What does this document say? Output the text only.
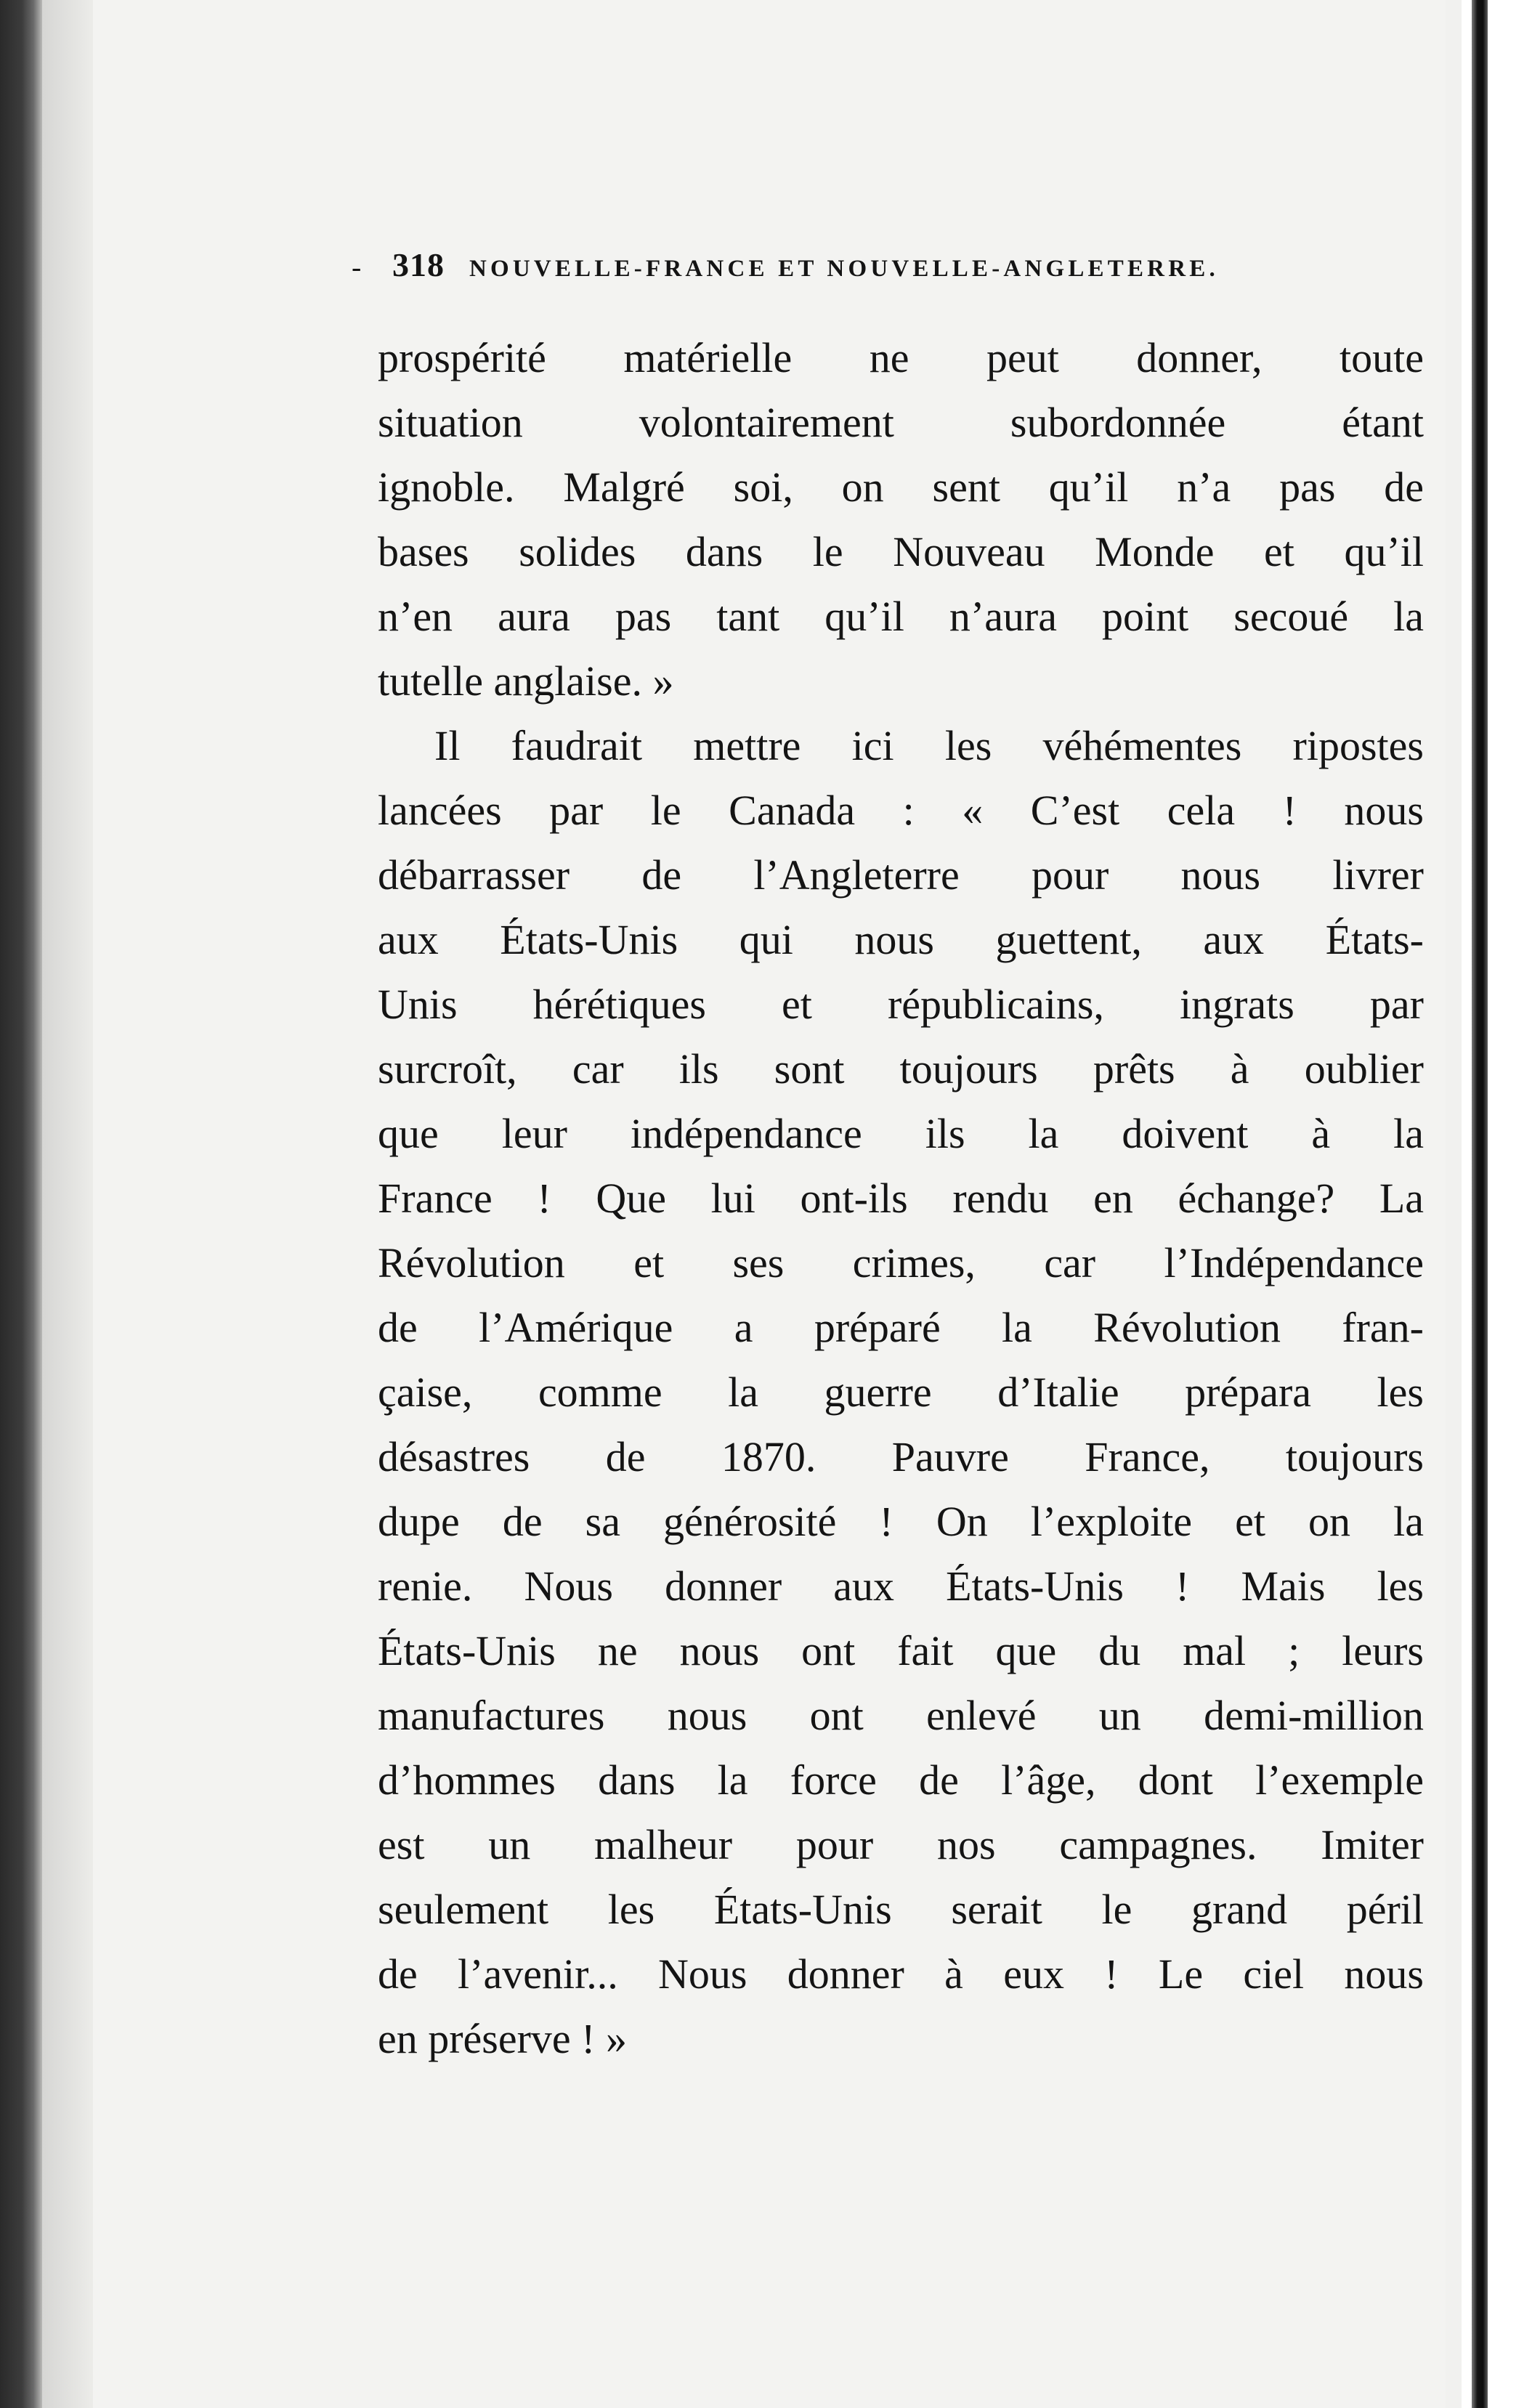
- 318 NOUVELLE-FRANCE ET NOUVELLE-ANGLETERRE.
prospérité matérielle ne peut donner, toute
situation volontairement subordonnée étant
ignoble. Malgré soi, on sent qu’il n’a pas de
bases solides dans le Nouveau Monde et qu’il
n’en aura pas tant qu’il n’aura point secoué la
tutelle anglaise. »
Il faudrait mettre ici les véhémentes ripostes
lancées par le Canada : « C’est cela ! nous
débarrasser de l’Angleterre pour nous livrer
aux États-Unis qui nous guettent, aux États-
Unis hérétiques et républicains, ingrats par
surcroît, car ils sont toujours prêts à oublier
que leur indépendance ils la doivent à la
France ! Que lui ont-ils rendu en échange? La
Révolution et ses crimes, car l’Indépendance
de l’Amérique a préparé la Révolution fran-
çaise, comme la guerre d’Italie prépara les
désastres de 1870. Pauvre France, toujours
dupe de sa générosité ! On l’exploite et on la
renie. Nous donner aux États-Unis ! Mais les
États-Unis ne nous ont fait que du mal ; leurs
manufactures nous ont enlevé un demi-million
d’hommes dans la force de l’âge, dont l’exemple
est un malheur pour nos campagnes. Imiter
seulement les États-Unis serait le grand péril
de l’avenir... Nous donner à eux ! Le ciel nous
en préserve ! »
